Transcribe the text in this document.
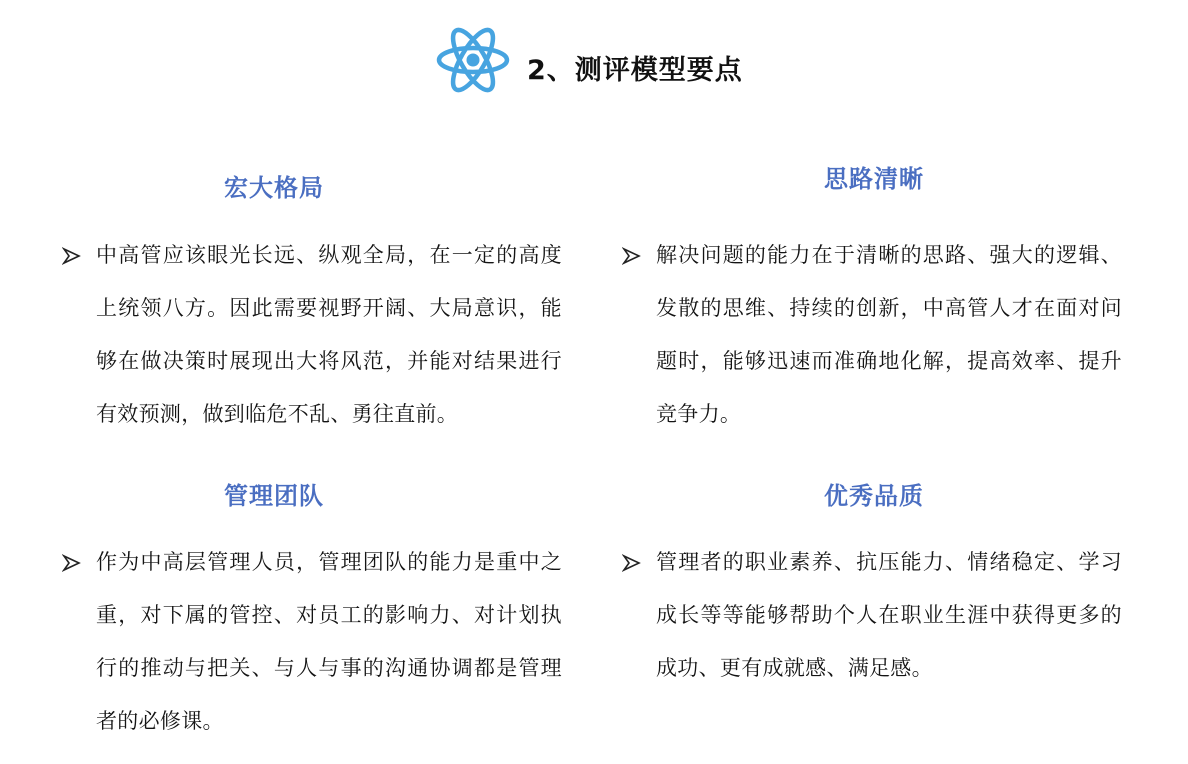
2、测评模型要点
宏大格局
中高管应该眼光长远、纵观全局，在一定的高度上统领八方。因此需要视野开阔、大局意识，能够在做决策时展现出大将风范，并能对结果进行有效预测，做到临危不乱、勇往直前。
思路清晰
解决问题的能力在于清晰的思路、强大的逻辑、发散的思维、持续的创新，中高管人才在面对问题时，能够迅速而准确地化解，提高效率、提升竞争力。
管理团队
作为中高层管理人员，管理团队的能力是重中之重，对下属的管控、对员工的影响力、对计划执行的推动与把关、与人与事的沟通协调都是管理者的必修课。
优秀品质
管理者的职业素养、抗压能力、情绪稳定、学习成长等等能够帮助个人在职业生涯中获得更多的成功、更有成就感、满足感。
